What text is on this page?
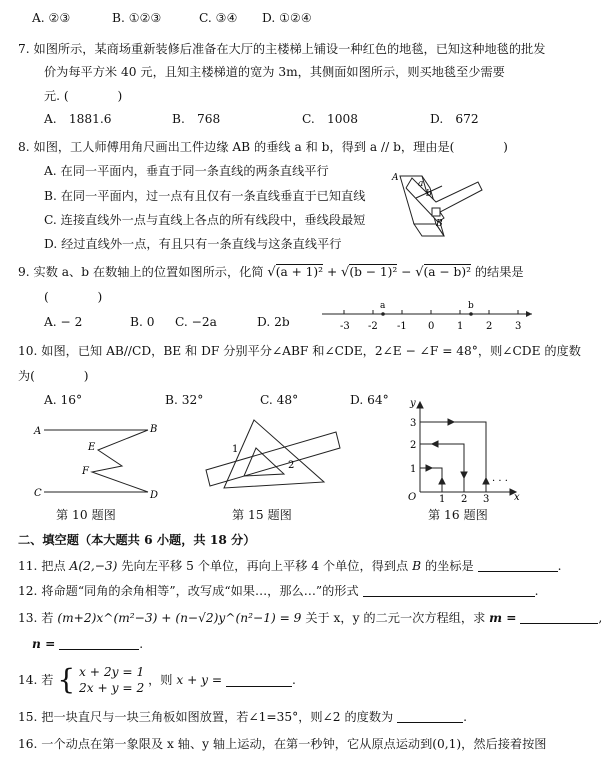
A. ②③	B. ①②③	C. ③④ D. ①②④
7. 如图所示，某商场重新装修后准备在大厅的主楼梯上铺设一种红色的地毯，已知这种地毯的批发
价为每平方米 40 元，且知主楼梯道的宽为 3m，其侧面如图所示，则买地毯至少需要
元. (　　　　)
A.　1881.6	B.　768	C.　1008	D.　672
8. 如图，工人师傅用角尺画出工件边缘 AB 的垂线 a 和 b，得到 a // b，理由是(　　　　)
A. 在同一平面内，垂直于同一条直线的两条直线平行
B. 在同一平面内，过一点有且仅有一条直线垂直于已知直线
C. 连接直线外一点与直线上各点的所有线段中，垂线段最短
D. 经过直线外一点，有且只有一条直线与这条直线平行
A
a
b
B
9. 实数 a、b 在数轴上的位置如图所示，化简 √(a + 1)² + √(b − 1)² − √(a − b)² 的结果是
(　　　　)
A. − 2	B. 0 C. −2a	D. 2b
a	b
-3 -2 -1 0 1 2 3
10. 如图，已知 AB//CD，BE 和 DF 分别平分∠ABF 和∠CDE，2∠E − ∠F = 48°，则∠CDE 的度数
为(　　　　)
A. 16°	B. 32°	C. 48°	D. 64°
A	B
E
F
C	D
1
2
y
x
O
3
2
1
1 2 3
· · ·
第 10 题图	第 15 题图	第 16 题图
二、填空题（本大题共 6 小题，共 18 分）
11. 把点 A(2,−3) 先向左平移 5 个单位，再向上平移 4 个单位，得到点 B 的坐标是	.
12. 将命题“同角的余角相等”，改写成“如果…，那么…”的形式	.
13. 若 (m+2)x^(m²−3) + (n−√2)y^(n²−1) = 9 关于 x，y 的二元一次方程组，求 m =	,
n =	.
14. 若 { x + 2y = 1
2x + y = 2
，则 x + y =	.
15. 把一块直尺与一块三角板如图放置，若∠1=35°，则∠2 的度数为	.
16. 一个动点在第一象限及 x 轴、y 轴上运动，在第一秒钟，它从原点运动到(0,1)，然后接着按图
